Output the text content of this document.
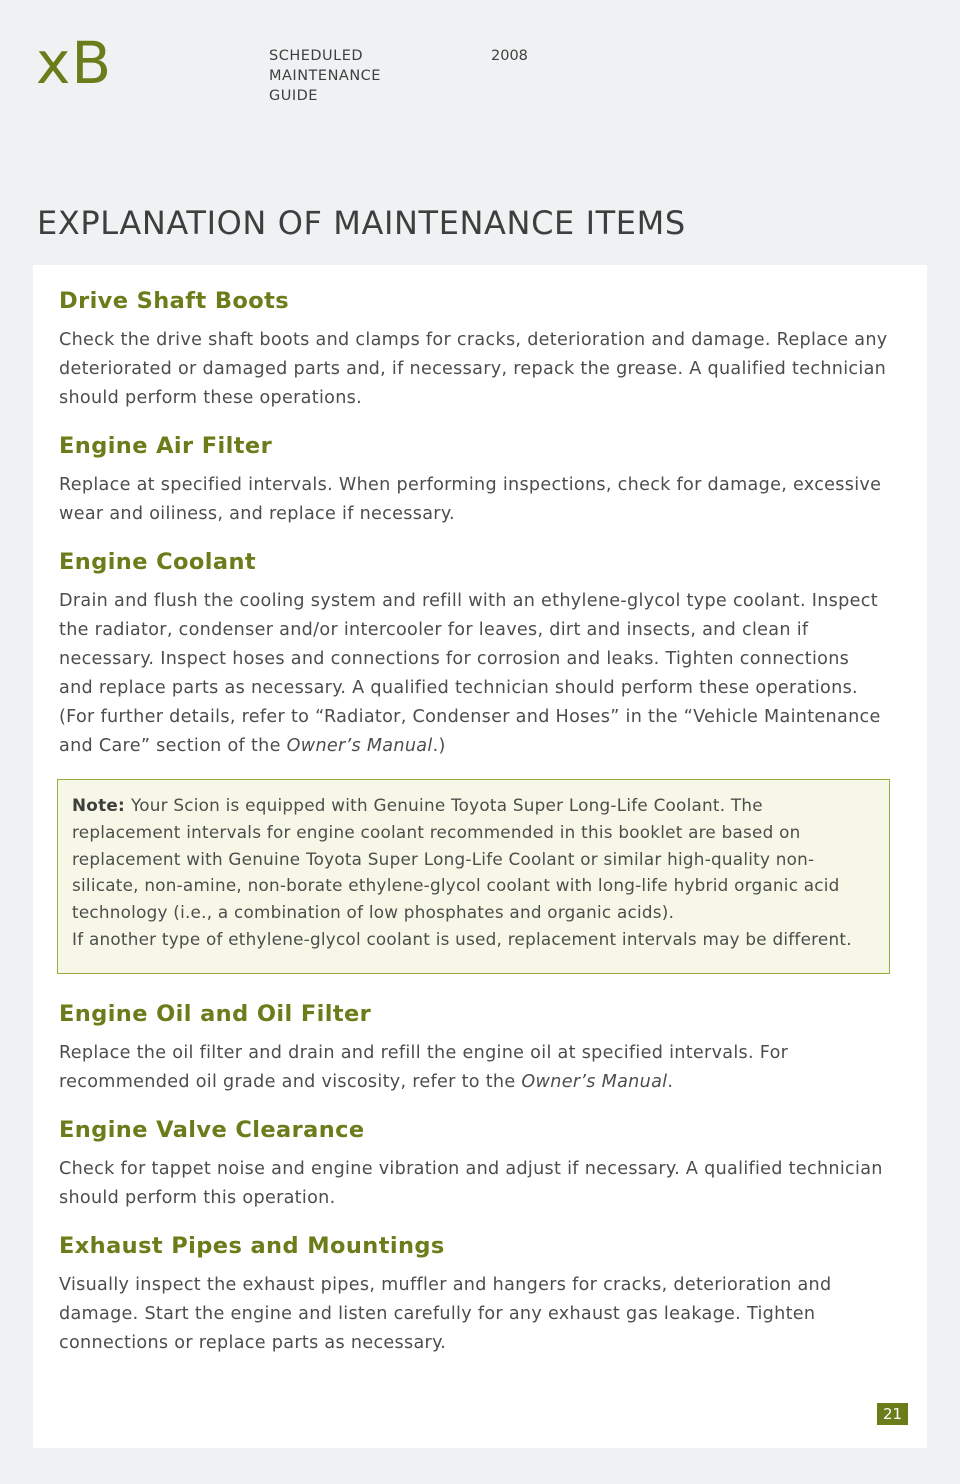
xB	SCHEDULED
MAINTENANCE
GUIDE
2008
EXPLANATION OF MAINTENANCE ITEMS
Drive Shaft Boots

Check the drive shaft boots and clamps for cracks, deterioration and damage. Replace any deteriorated or damaged parts and, if necessary, repack the grease. A qualified technician should perform these operations.

Engine Air Filter

Replace at specified intervals. When performing inspections, check for damage, excessive wear and oiliness, and replace if necessary.

Engine Coolant

Drain and flush the cooling system and refill with an ethylene-glycol type coolant. Inspect the radiator, condenser and/or intercooler for leaves, dirt and insects, and clean if necessary. Inspect hoses and connections for corrosion and leaks. Tighten connections and replace parts as necessary. A qualified technician should perform these operations. (For further details, refer to “Radiator, Condenser and Hoses” in the “Vehicle Maintenance and Care” section of the Owner’s Manual.)

Note: Your Scion is equipped with Genuine Toyota Super Long-Life Coolant. The replacement intervals for engine coolant recommended in this booklet are based on replacement with Genuine Toyota Super Long-Life Coolant or similar high-quality non-silicate, non-amine, non-borate ethylene-glycol coolant with long-life hybrid organic acid technology (i.e., a combination of low phosphates and organic acids).
If another type of ethylene-glycol coolant is used, replacement intervals may be different.
Engine Oil and Oil Filter

Replace the oil filter and drain and refill the engine oil at specified intervals. For recommended oil grade and viscosity, refer to the Owner’s Manual.

Engine Valve Clearance

Check for tappet noise and engine vibration and adjust if necessary. A qualified technician should perform this operation.

Exhaust Pipes and Mountings

Visually inspect the exhaust pipes, muffler and hangers for cracks, deterioration and damage. Start the engine and listen carefully for any exhaust gas leakage. Tighten connections or replace parts as necessary.

21
